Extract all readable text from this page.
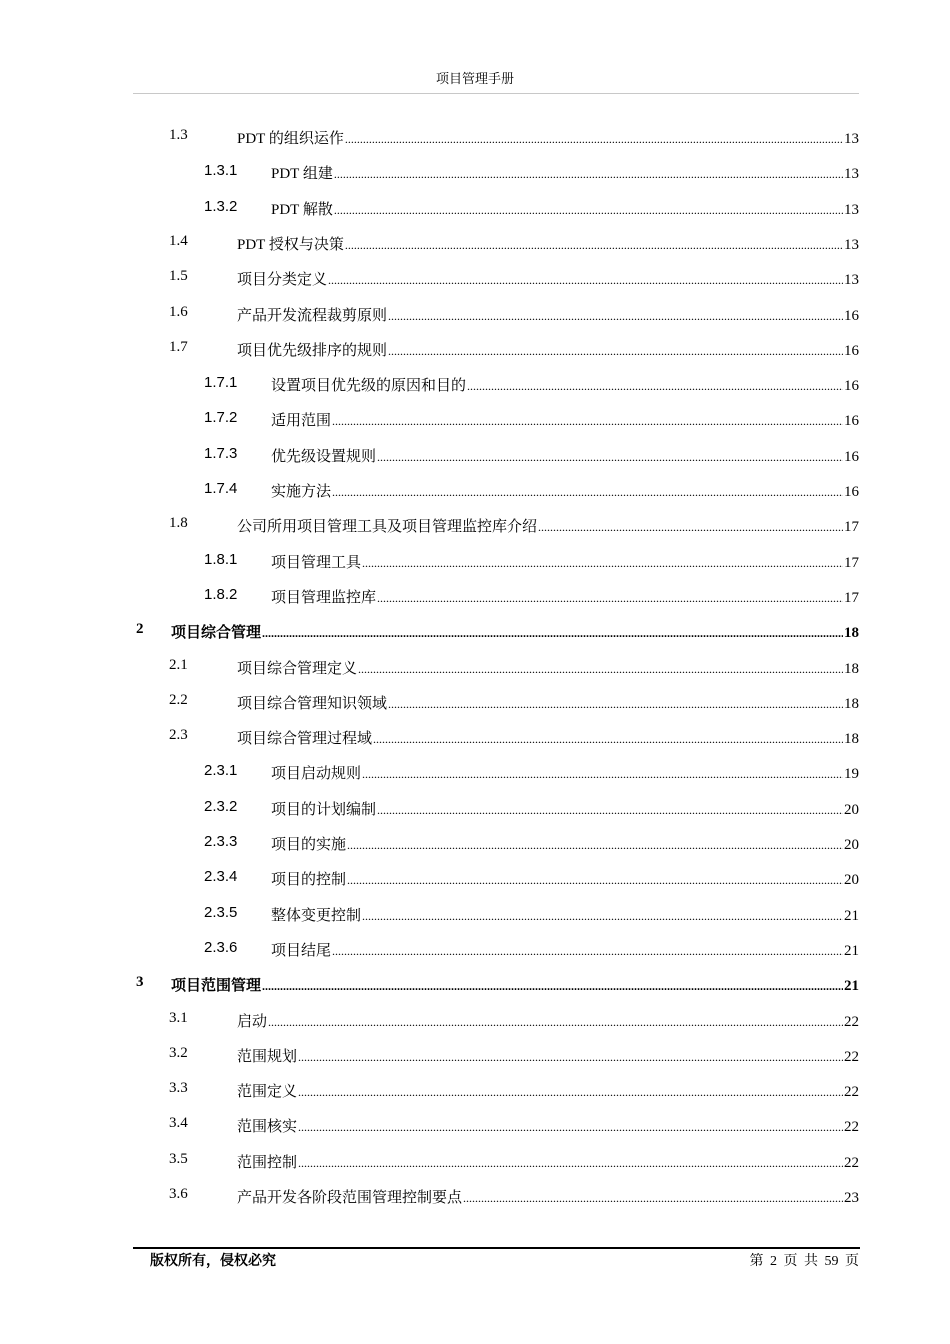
项目管理手册
1.3	PDT 的组织运作 .....	13
1.3.1 PDT 组建 .....	13
1.3.2 PDT 解散 .....	13
1.4	PDT 授权与决策 .....	13
1.5	项目分类定义 .....	13
1.6	产品开发流程裁剪原则 .....	16
1.7	项目优先级排序的规则 .....	16
1.7.1 设置项目优先级的原因和目的 .....	16
1.7.2 适用范围 .....	16
1.7.3 优先级设置规则 .....	16
1.7.4 实施方法 .....	16
1.8	公司所用项目管理工具及项目管理监控库介绍 .....	17
1.8.1 项目管理工具 .....	17
1.8.2 项目管理监控库 .....	17
2 项目综合管理 .....	18
2.1	项目综合管理定义 .....	18
2.2	项目综合管理知识领域 .....	18
2.3	项目综合管理过程域 .....	18
2.3.1 项目启动规则 .....	19
2.3.2 项目的计划编制 .....	20
2.3.3 项目的实施 .....	20
2.3.4 项目的控制 .....	20
2.3.5 整体变更控制 .....	21
2.3.6 项目结尾 .....	21
3 项目范围管理 .....	21
3.1	启动 .....	22
3.2	范围规划 .....	22
3.3	范围定义 .....	22
3.4	范围核实 .....	22
3.5	范围控制 .....	22
3.6	产品开发各阶段范围管理控制要点 .....	23
版权所有，侵权必究	第 2 页 共 59 页
